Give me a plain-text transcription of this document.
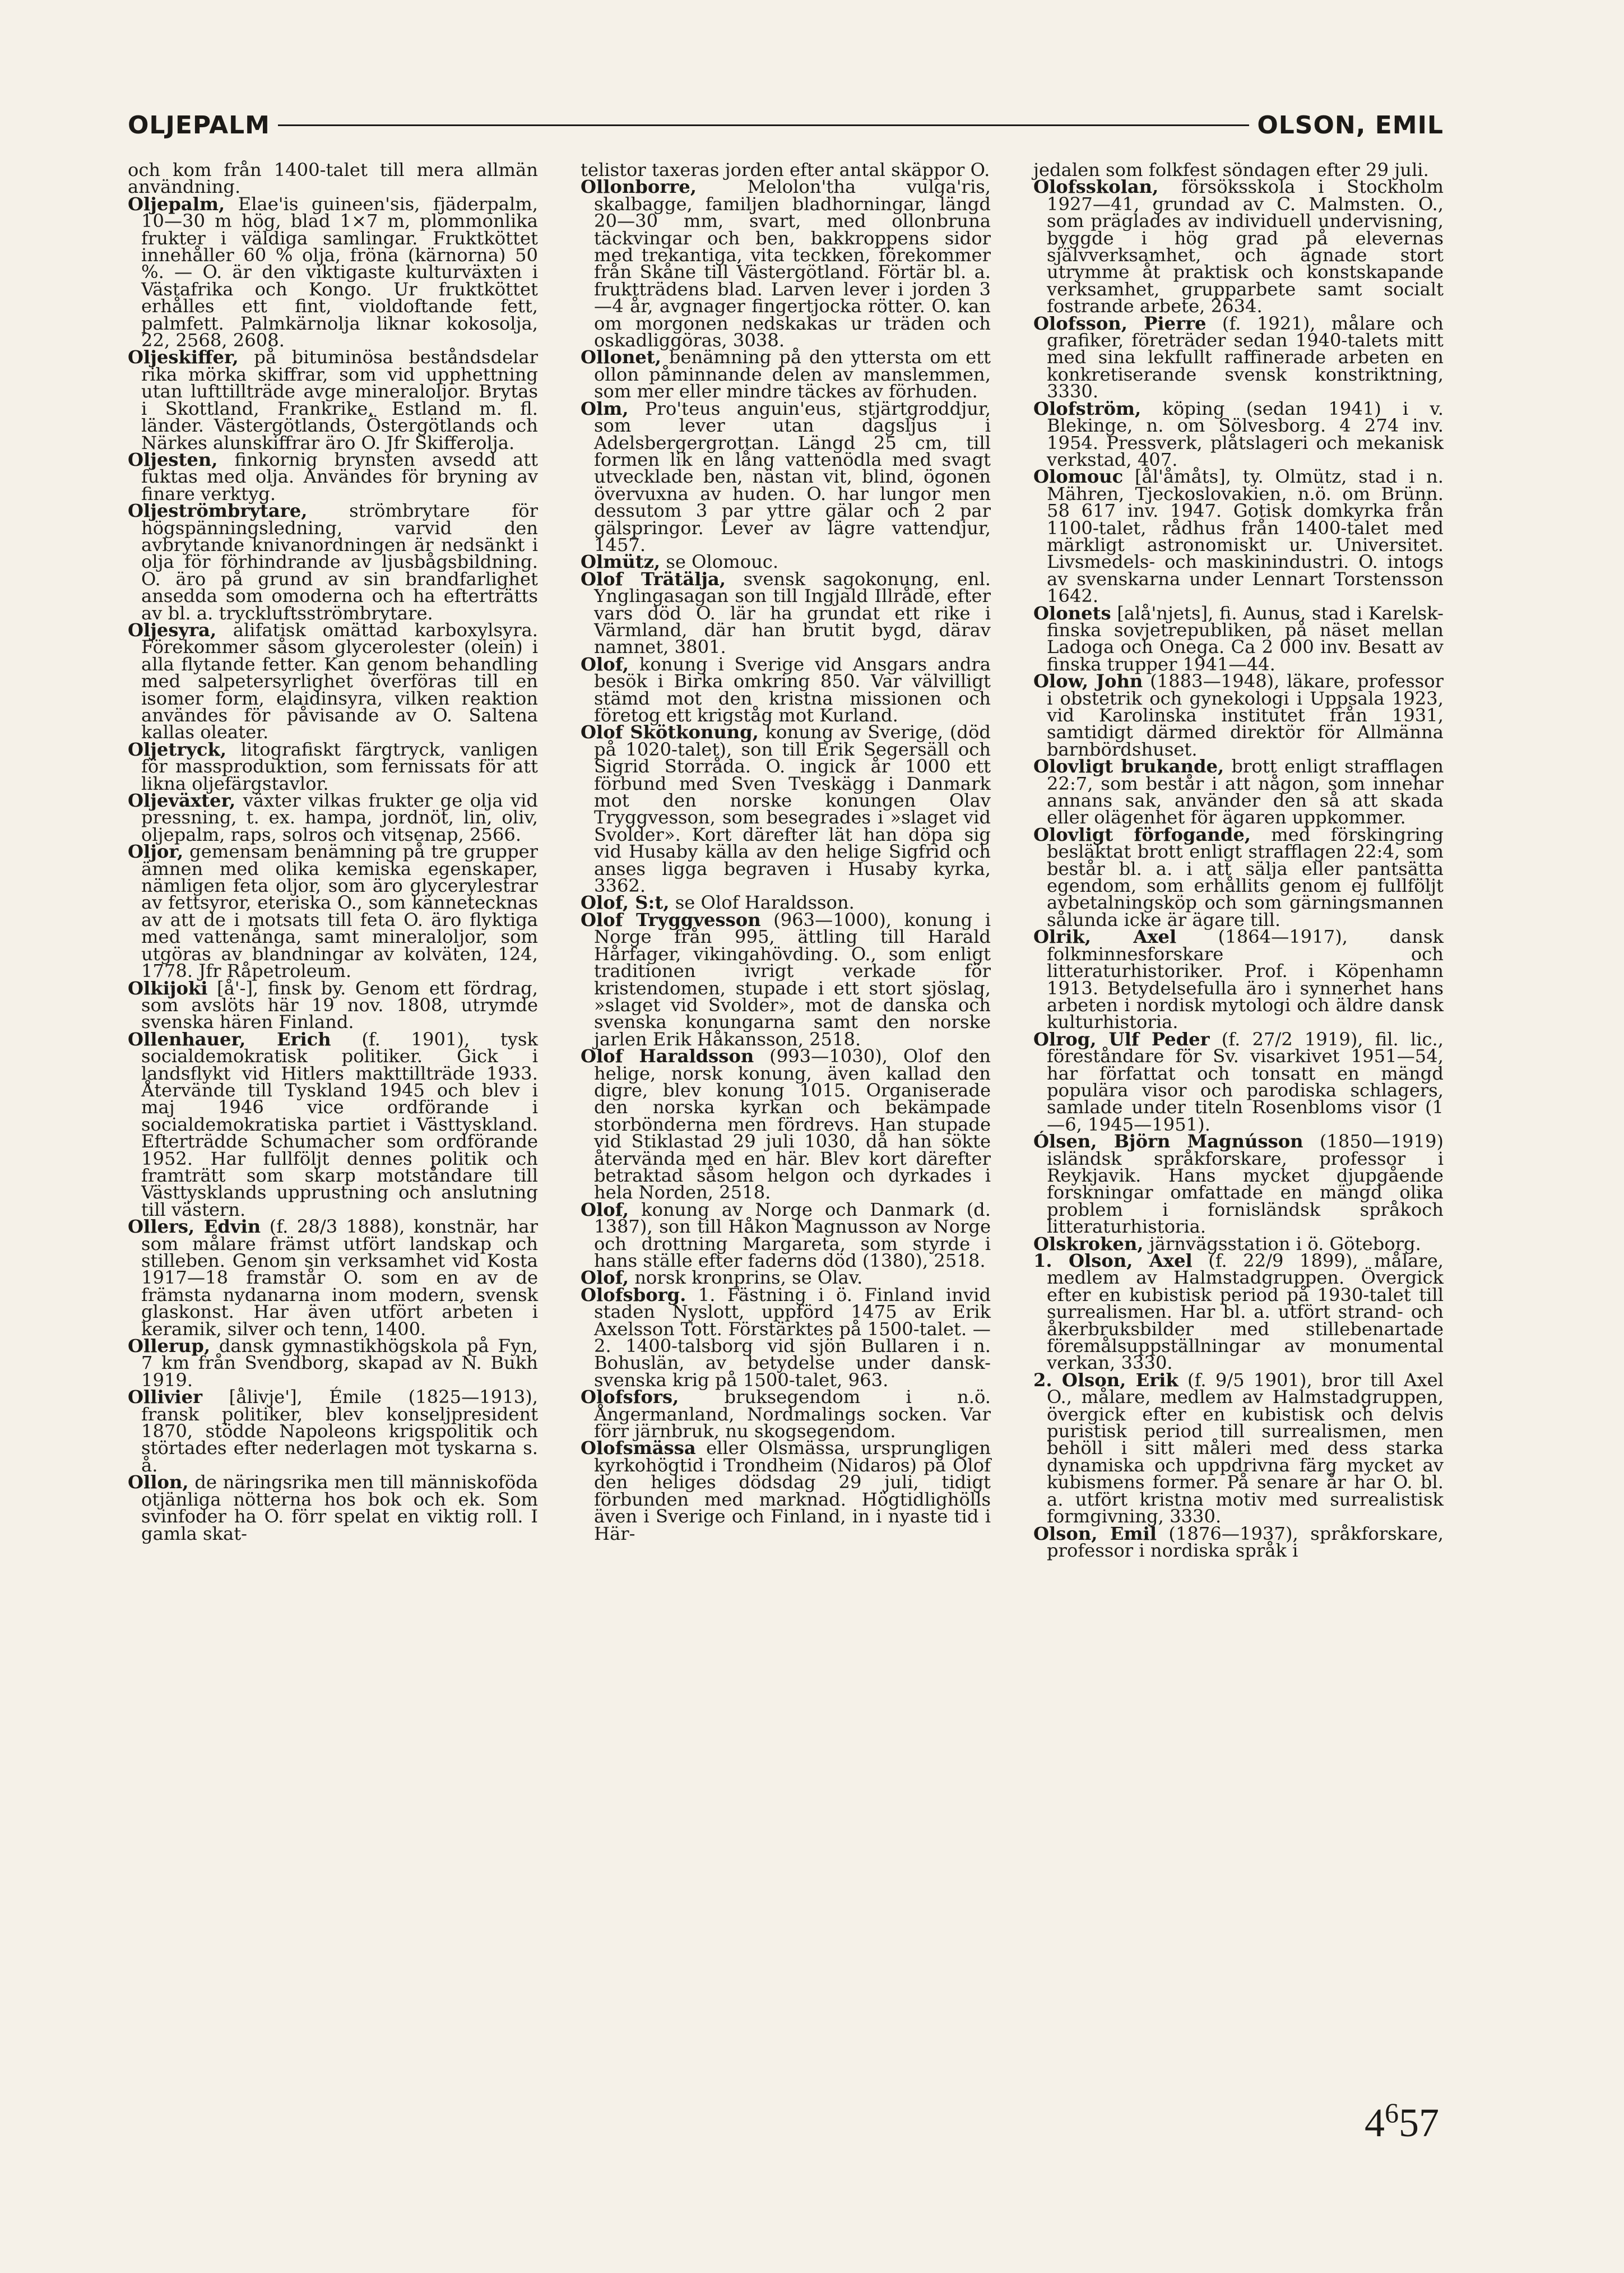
OLJEPALM	OLSON, EMIL

och kom från 1400-talet till mera allmän användning.

Oljepalm, Elae'is guineen'sis, fjäderpalm, 10—30 m hög, blad 1×7 m, plommonlika frukter i väldiga samlingar. Fruktköttet innehåller 60 % olja, fröna (kärnorna) 50 %. — O. är den viktigaste kulturväxten i Västafrika och Kongo. Ur fruktköttet erhålles ett fint, violdoftande fett, palmfett. Palmkärnolja liknar kokosolja, 22, 2568, 2608.

Oljeskiffer, på bituminösa beståndsdelar rika mörka skiffrar, som vid upphettning utan lufttillträde avge mineraloljor. Brytas i Skottland, Frankrike, Estland m. fl. länder. Västergötlands, Östergötlands och Närkes alunskiffrar äro O. Jfr Skifferolja.

Oljesten, finkornig brynsten avsedd att fuktas med olja. Användes för bryning av finare verktyg.

Oljeströmbrytare, strömbrytare för högspänningsledning, varvid den avbrytande knivanordningen är nedsänkt i olja för förhindrande av ljusbågsbildning. O. äro på grund av sin brandfarlighet ansedda som omoderna och ha efterträtts av bl. a. tryckluftsströmbrytare.

Oljesyra, alifatisk omättad karboxylsyra. Förekommer såsom glycerolester (olein) i alla flytande fetter. Kan genom behandling med salpetersyrlighet överföras till en isomer form, elaidinsyra, vilken reaktion användes för påvisande av O. Saltena kallas oleater.

Oljetryck, litografiskt färgtryck, vanligen för massproduktion, som fernissats för att likna oljefärgstavlor.

Oljeväxter, växter vilkas frukter ge olja vid pressning, t. ex. hampa, jordnöt, lin, oliv, oljepalm, raps, solros och vitsenap, 2566.

Oljor, gemensam benämning på tre grupper ämnen med olika kemiska egenskaper, nämligen feta oljor, som äro glycerylestrar av fettsyror, eteriska O., som kännetecknas av att de i motsats till feta O. äro flyktiga med vattenånga, samt mineraloljor, som utgöras av blandningar av kolväten, 124, 1778. Jfr Råpetroleum.

Olkijoki [å'-], finsk by. Genom ett fördrag, som avslöts här 19 nov. 1808, utrymde svenska hären Finland.

Ollenhauer, Erich (f. 1901), tysk socialdemokratisk politiker. Gick i landsflykt vid Hitlers makttillträde 1933. Återvände till Tyskland 1945 och blev i maj 1946 vice ordförande i socialdemokratiska partiet i Västtyskland. Efterträdde Schumacher som ordförande 1952. Har fullföljt dennes politik och framträtt som skarp motståndare till Västtysklands upprustning och anslutning till västern.

Ollers, Edvin (f. 28/3 1888), konstnär, har som målare främst utfört landskap och stilleben. Genom sin verksamhet vid Kosta 1917—18 framstår O. som en av de främsta nydanarna inom modern, svensk glaskonst. Har även utfört arbeten i keramik, silver och tenn, 1400.

Ollerup, dansk gymnastikhögskola på Fyn, 7 km från Svendborg, skapad av N. Bukh 1919.

Ollivier [ålivje'], Émile (1825—1913), fransk politiker, blev konseljpresident 1870, stödde Napoleons krigspolitik och störtades efter nederlagen mot tyskarna s. å.

Ollon, de näringsrika men till människoföda otjänliga nötterna hos bok och ek. Som svinfoder ha O. förr spelat en viktig roll. I gamla skat-

telistor taxeras jorden efter antal skäppor O.

Ollonborre,	Melolon'tha vulga'ris, skalbagge, familjen bladhorningar, längd 20—30 mm, svart, med ollonbruna täckvingar och ben, bakkroppens sidor med trekantiga, vita teckken, förekommer från Skåne till Västergötland. Förtär bl. a. fruktträdens blad. Larven lever i jorden 3—4 år, avgnager fingertjocka rötter. O. kan om morgonen nedskakas ur träden och oskadliggöras, 3038.

Ollonet, benämning på den yttersta om ett ollon påminnande delen av manslemmen, som mer eller mindre täckes av förhuden.

Olm, Pro'teus anguin'eus, stjärtgroddjur, som lever utan dagsljus i Adelsbergergrottan. Längd 25 cm, till formen lik en lång vattenödla med svagt utvecklade ben, nästan vit, blind, ögonen övervuxna av huden. O. har lungor men dessutom 3 par yttre gälar och 2 par gälspringor. Lever av lägre vattendjur, 1457.

Olmütz, se Olomouc.

Olof Trätälja, svensk sagokonung, enl. Ynglingasagan son till Ingjald Illråde, efter vars död O. lär ha grundat ett rike i Värmland, där han brutit bygd, därav namnet, 3801.

Olof, konung i Sverige vid Ansgars andra besök i Birka omkring 850. Var välvilligt stämd mot den kristna missionen och företog ett krigståg mot Kurland.

Olof Skötkonung, konung av Sverige, (död på 1020-talet), son till Erik Segersäll och Sigrid Storråda. O. ingick år 1000 ett förbund med Sven Tveskägg i Danmark mot den norske konungen Olav Tryggvesson, som besegrades i »slaget vid Svolder». Kort därefter lät han döpa sig vid Husaby källa av den helige Sigfrid och anses ligga begraven i Husaby kyrka, 3362.

Olof, S:t, se Olof Haraldsson.

Olof Tryggvesson (963—1000), konung i Norge från 995, ättling till Harald Hårfager, vikingahövding. O., som enligt traditionen ivrigt verkade för kristendomen, stupade i ett stort sjöslag, »slaget vid Svolder», mot de danska och svenska konungarna samt den norske jarlen Erik Håkansson, 2518.

Olof Haraldsson (993—1030), Olof den helige, norsk konung, även kallad den digre, blev konung 1015. Organiserade den norska kyrkan och bekämpade storbönderna men fördrevs. Han stupade vid Stiklastad 29 juli 1030, då han sökte återvända med en här. Blev kort därefter betraktad såsom helgon och dyrkades i hela Norden, 2518.

Olof, konung av Norge och Danmark (d. 1387), son till Håkon Magnusson av Norge och drottning Margareta, som styrde i hans ställe efter faderns död (1380), 2518.

Olof, norsk kronprins, se Olav.

Olofsborg. 1. Fästning i ö. Finland invid staden Nyslott, uppförd 1475 av Erik Axelsson Tott. Förstärktes på 1500-talet. — 2. 1400-talsborg vid sjön Bullaren i n. Bohuslän, av betydelse under dansk-svenska krig på 1500-talet, 963.

Olofsfors,	bruksegendom i n.ö. Ångermanland, Nordmalings socken. Var förr järnbruk, nu skogsegendom.

Olofsmässa eller Olsmässa, ursprungligen kyrkohögtid i Trondheim (Nidaros) på Olof den heliges dödsdag 29 juli, tidigt förbunden med marknad. Högtidlighölls även i Sverige och Finland, in i nyaste tid i Här-

jedalen som folkfest söndagen efter 29 juli.

Olofsskolan, försöksskola i Stockholm 1927—41, grundad av C. Malmsten. O., som präglades av individuell undervisning, byggde i hög grad på elevernas självverksamhet, och ägnade stort utrymme åt praktisk och konstskapande verksamhet, grupparbete samt socialt fostrande arbete, 2634.

Olofsson, Pierre (f. 1921), målare och grafiker, företräder sedan 1940-talets mitt med sina lekfullt raffinerade arbeten en konkretiserande svensk konstriktning, 3330.

Olofström, köping (sedan 1941) i v. Blekinge, n. om Sölvesborg. 4 274 inv. 1954. Pressverk, plåtslageri och mekanisk verkstad, 407.

Olomouc [ål'åmåts], ty. Olmütz, stad i n. Mähren, Tjeckoslovakien, n.ö. om Brünn. 58 617 inv. 1947. Gotisk domkyrka från 1100-talet, rådhus från 1400-talet med märkligt astronomiskt ur. Universitet. Livsmedels- och maskinindustri. O. intogs av svenskarna under Lennart Torstensson 1642.

Olonets [alå'njets], fi. Aunus, stad i Karelsk-finska sovjetrepubliken, på näset mellan Ladoga och Onega. Ca 2 000 inv. Besatt av finska trupper 1941—44.

Olow, John (1883—1948), läkare, professor i obstetrik och gynekologi i Uppsala 1923, vid Karolinska institutet från 1931, samtidigt därmed direktör för Allmänna barnbördshuset.

Olovligt brukande, brott enligt strafflagen 22:7, som består i att någon, som innehar annans sak, använder den så att skada eller olägenhet för ägaren uppkommer.

Olovligt förfogande, med förskingring besläktat brott enligt strafflagen 22:4, som består bl. a. i att sälja eller pantsätta egendom, som erhållits genom ej fullföljt avbetalningsköp och som gärningsmannen sålunda icke är ägare till.

Olrik, Axel (1864—1917), dansk folkminnesforskare och litteraturhistoriker. Prof. i Köpenhamn 1913. Betydelsefulla äro i synnerhet hans arbeten i nordisk mytologi och äldre dansk kulturhistoria.

Olrog, Ulf Peder (f. 27/2 1919), fil. lic., föreståndare för Sv. visarkivet 1951—54, har författat och tonsatt en mängd populära visor och parodiska schlagers, samlade under titeln Rosenbloms visor (1—6, 1945—1951).

Ólsen, Björn Magnússon (1850—1919) isländsk språkforskare, professor i Reykjavik. Hans mycket djupgående forskningar omfattade en mängd olika problem i fornisländsk språkoch litteraturhistoria.

Olskroken, järnvägsstation i ö. Göteborg.

1. Olson, Axel (f. 22/9 1899), målare, medlem av Halmstadgruppen. Övergick efter en kubistisk period på 1930-talet till surrealismen. Har bl. a. utfört strand- och åkerbruksbilder med stillebenartade föremålsuppställningar av monumental verkan, 3330.

2. Olson, Erik (f. 9/5 1901), bror till Axel O., målare, medlem av Halmstadgruppen, övergick efter en kubistisk och delvis puristisk period till surrealismen, men behöll i sitt måleri med dess starka dynamiska och uppdrivna färg mycket av kubismens former. På senare år har O. bl. a. utfört kristna motiv med surrealistisk formgivning, 3330.

Olson, Emil (1876—1937), språkforskare, professor i nordiska språk i

$4^657$
